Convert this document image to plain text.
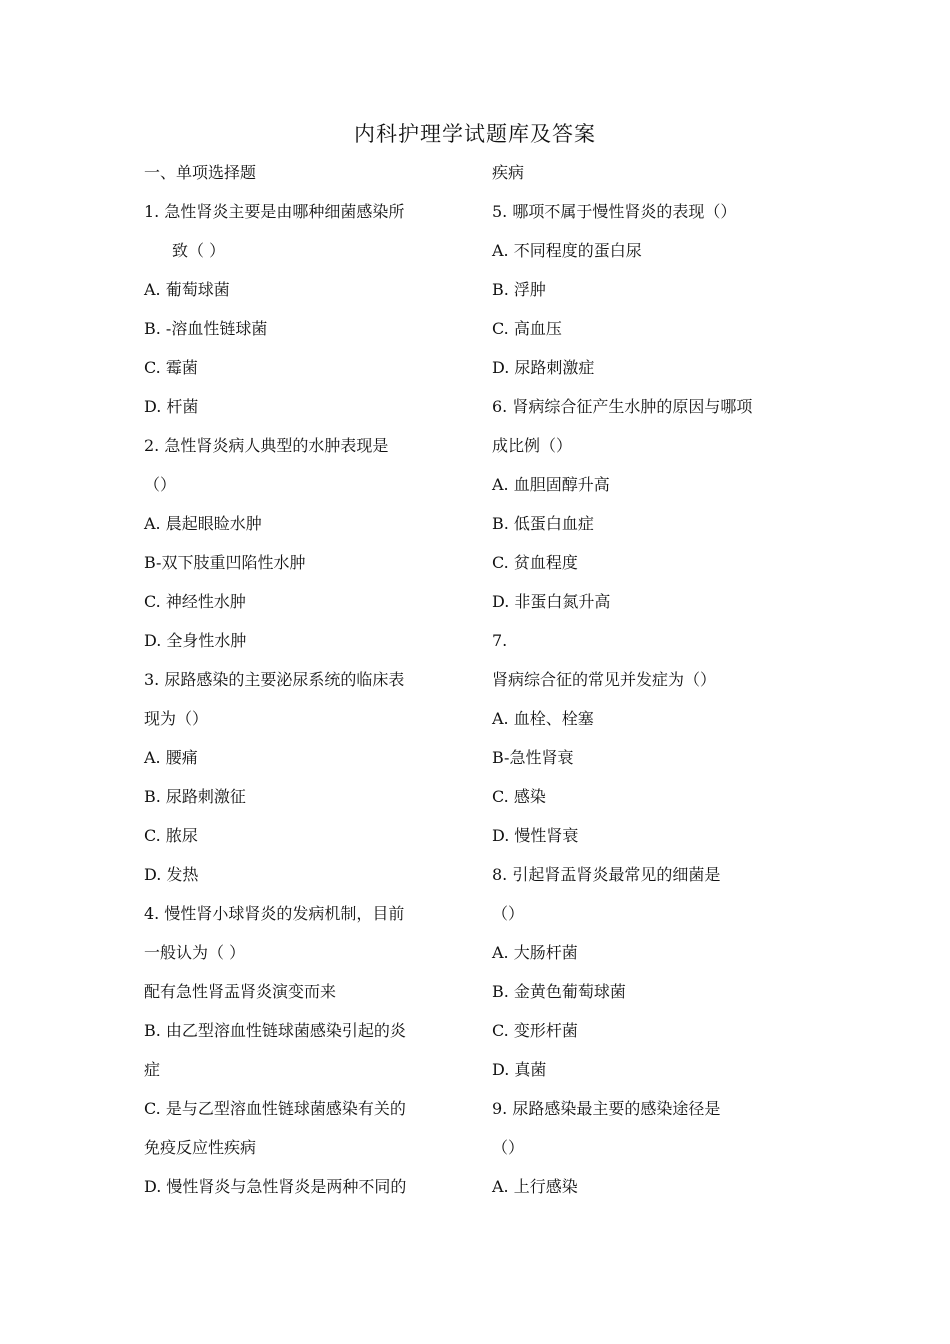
内科护理学试题库及答案
一、单项选择题
1. 急性肾炎主要是由哪种细菌感染所
致（ ）
A. 葡萄球菌
B. -溶血性链球菌
C. 霉菌
D. 杆菌
2. 急性肾炎病人典型的水肿表现是
（）
A. 晨起眼睑水肿
B-双下肢重凹陷性水肿
C. 神经性水肿
D. 全身性水肿
3. 尿路感染的主要泌尿系统的临床表
现为（）
A. 腰痛
B. 尿路刺激征
C. 脓尿
D. 发热
4. 慢性肾小球肾炎的发病机制，目前
一般认为（ ）
配有急性肾盂肾炎演变而来
B. 由乙型溶血性链球菌感染引起的炎
症
C. 是与乙型溶血性链球菌感染有关的
免疫反应性疾病
D. 慢性肾炎与急性肾炎是两种不同的
疾病
5. 哪项不属于慢性肾炎的表现（）
A. 不同程度的蛋白尿
B. 浮肿
C. 高血压
D. 尿路刺激症
6. 肾病综合征产生水肿的原因与哪项
成比例（）
A. 血胆固醇升高
B. 低蛋白血症
C. 贫血程度
D. 非蛋白氮升高
7.
肾病综合征的常见并发症为（）
A. 血栓、栓塞
B-急性肾衰
C. 感染
D. 慢性肾衰
8. 引起肾盂肾炎最常见的细菌是
（）
A. 大肠杆菌
B. 金黄色葡萄球菌
C. 变形杆菌
D. 真菌
9. 尿路感染最主要的感染途径是
（）
A. 上行感染
